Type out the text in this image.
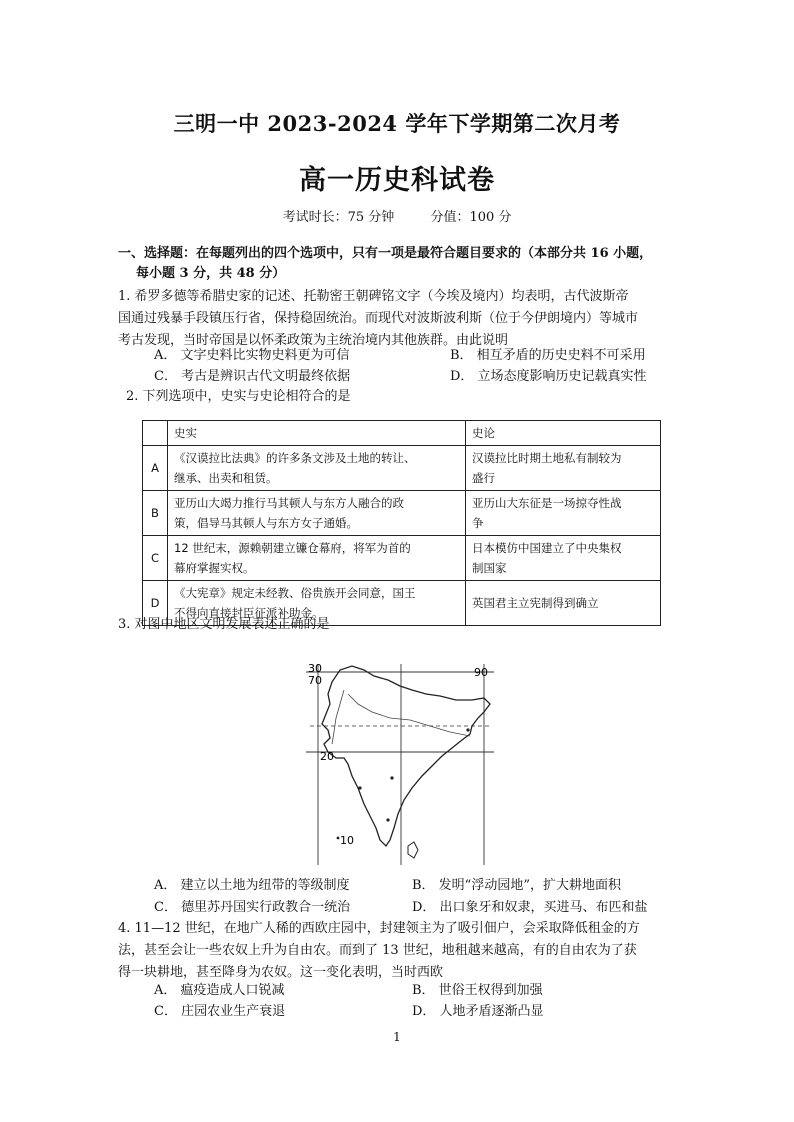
三明一中 2023-2024 学年下学期第二次月考
高一历史科试卷
考试时长：75 分钟	分值：100 分
一、选择题：在每题列出的四个选项中，只有一项是最符合题目要求的（本部分共 16 小题，
每小题 3 分，共 48 分）
1. 希罗多德等希腊史家的记述、托勒密王朝碑铭文字（今埃及境内）均表明，古代波斯帝
国通过残暴手段镇压行省，保持稳固统治。而现代对波斯波利斯（位于今伊朗境内）等城市
考古发现，当时帝国是以怀柔政策为主统治境内其他族群。由此说明
A． 文字史料比实物史料更为可信	B． 相互矛盾的历史史料不可采用
C． 考古是辨识古代文明最终依据	D． 立场态度影响历史记载真实性
2. 下列选项中，史实与史论相符合的是
	史实	史论
A	《汉谟拉比法典》的许多条文涉及土地的转让、
继承、出卖和租赁。	汉谟拉比时期土地私有制较为
盛行
B	亚历山大竭力推行马其顿人与东方人融合的政
策，倡导马其顿人与东方女子通婚。	亚历山大东征是一场掠夺性战
争
C	12 世纪末，源赖朝建立镰仓幕府，将军为首的
幕府掌握实权。	日本模仿中国建立了中央集权
制国家
D	《大宪章》规定未经教、俗贵族开会同意，国王
不得向直接封臣征派补助金。	英国君主立宪制得到确立
3. 对图中地区文明发展表述正确的是
30
70
90
20
10
A． 建立以土地为纽带的等级制度	B． 发明“浮动园地”，扩大耕地面积
C． 德里苏丹国实行政教合一统治	D． 出口象牙和奴隶，买进马、布匹和盐
4. 11—12 世纪，在地广人稀的西欧庄园中，封建领主为了吸引佃户，会采取降低租金的方
法，甚至会让一些农奴上升为自由农。而到了 13 世纪，地租越来越高，有的自由农为了获
得一块耕地，甚至降身为农奴。这一变化表明，当时西欧
A． 瘟疫造成人口锐减	B． 世俗王权得到加强
C． 庄园农业生产衰退	D． 人地矛盾逐渐凸显
1
